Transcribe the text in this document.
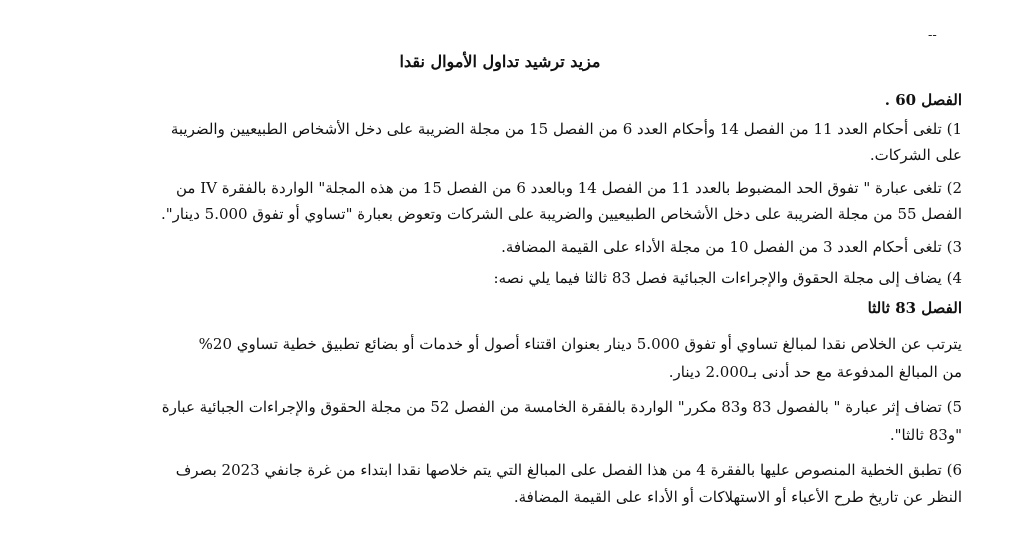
--
مزيد ترشيد تداول الأموال نقدا
الفصل 60 .
1) تلغى أحكام العدد 11 من الفصل 14 وأحكام العدد 6 من الفصل 15 من مجلة الضريبة على دخل الأشخاص الطبيعيين والضريبة
على الشركات.
2) تلغى عبارة " تفوق الحد المضبوط بالعدد 11 من الفصل 14 وبالعدد 6 من الفصل 15 من هذه المجلة" الواردة بالفقرة IV من
الفصل 55 من مجلة الضريبة على دخل الأشخاص الطبيعيين والضريبة على الشركات وتعوض بعبارة "تساوي أو تفوق 5.000 دينار".
3) تلغى أحكام العدد 3 من الفصل 10 من مجلة الأداء على القيمة المضافة.
4) يضاف إلى مجلة الحقوق والإجراءات الجبائية فصل 83 ثالثا فيما يلي نصه:
الفصل 83 ثالثا
يترتب عن الخلاص نقدا لمبالغ تساوي أو تفوق 5.000 دينار بعنوان اقتناء أصول أو خدمات أو بضائع تطبيق خطية تساوي 20%
من المبالغ المدفوعة مع حد أدنى بـ2.000 دينار.
5) تضاف إثر عبارة " بالفصول 83 و83 مكرر" الواردة بالفقرة الخامسة من الفصل 52 من مجلة الحقوق والإجراءات الجبائية عبارة
"و83 ثالثا".
6) تطبق الخطية المنصوص عليها بالفقرة 4 من هذا الفصل على المبالغ التي يتم خلاصها نقدا ابتداء من غرة جانفي 2023 بصرف
النظر عن تاريخ طرح الأعباء أو الاستهلاكات أو الأداء على القيمة المضافة.
